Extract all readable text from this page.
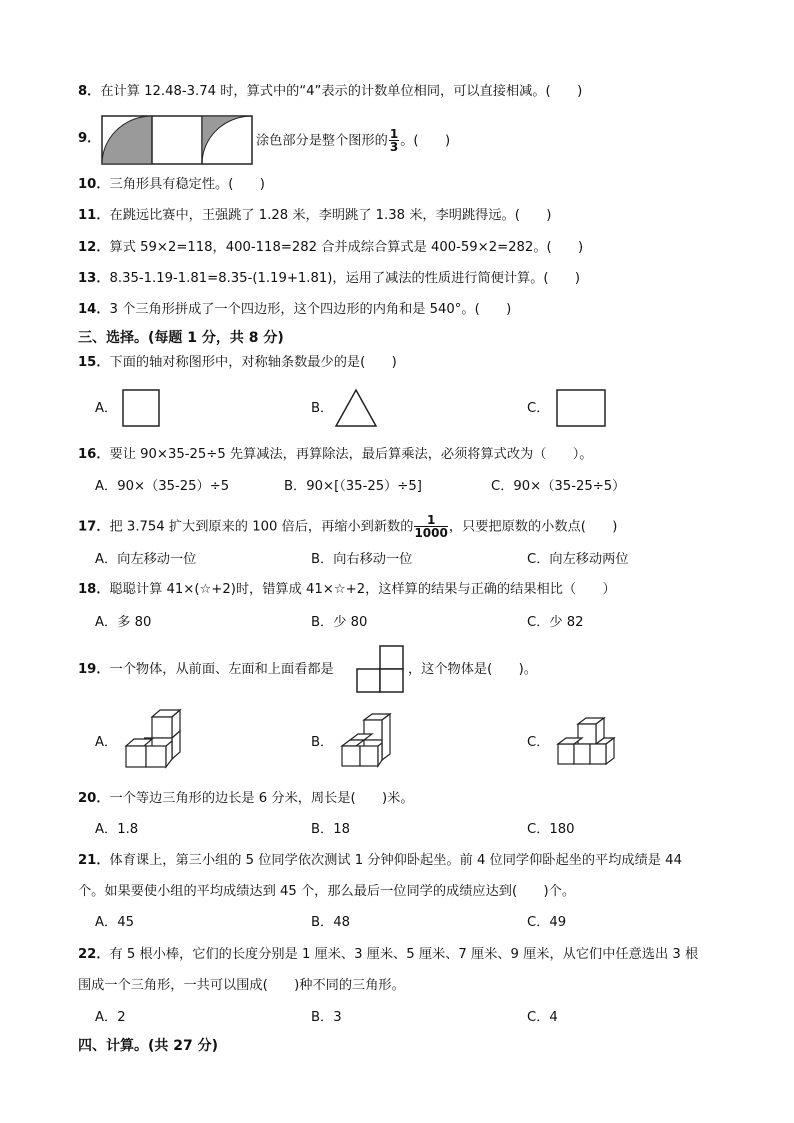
8．在计算 12.48-3.74 时，算式中的“4”表示的计数单位相同，可以直接相减。(　　)
9．	涂色部分是整个图形的 $\frac{1}{3}$ 。(　　)
10．三角形具有稳定性。(　　)
11．在跳远比赛中，王强跳了 1.28 米，李明跳了 1.38 米，李明跳得远。(　　)
12．算式 59×2=118，400-118=282 合并成综合算式是 400-59×2=282。(　　)
13．8.35-1.19-1.81=8.35-(1.19+1.81)，运用了减法的性质进行简便计算。(　　)
14．3 个三角形拼成了一个四边形，这个四边形的内角和是 540°。(　　)
三、选择。(每题 1 分，共 8 分)
15．下面的轴对称图形中，对称轴条数最少的是(　　)
A．	B．	C．
16．要让 90×35-25÷5 先算减法，再算除法，最后算乘法，必须将算式改为（　　）。
A．90×（35-25）÷5	B．90×[（35-25）÷5]	C．90×（35-25÷5）
17．把 3.754 扩大到原来的 100 倍后，再缩小到新数的 $\frac{1}{1000}$ ，只要把原数的小数点(　　)
A．向左移动一位	B．向右移动一位	C．向左移动两位
18．聪聪计算 41×(☆+2)时，错算成 41×☆+2，这样算的结果与正确的结果相比（　　）
A．多 80	B．少 80	C．少 82
19．一个物体，从前面、左面和上面看都是	，这个物体是(　　)。
A．	B．	C．
20．一个等边三角形的边长是 6 分米，周长是(　　)米。
A．1.8	B．18	C．180
21．体育课上，第三小组的 5 位同学依次测试 1 分钟仰卧起坐。前 4 位同学仰卧起坐的平均成绩是 44
个。如果要使小组的平均成绩达到 45 个，那么最后一位同学的成绩应达到(　　)个。
A．45	B．48	C．49
22．有 5 根小棒，它们的长度分别是 1 厘米、3 厘米、5 厘米、7 厘米、9 厘米，从它们中任意选出 3 根
围成一个三角形，一共可以围成(　　)种不同的三角形。
A．2	B．3	C．4
四、计算。(共 27 分)
